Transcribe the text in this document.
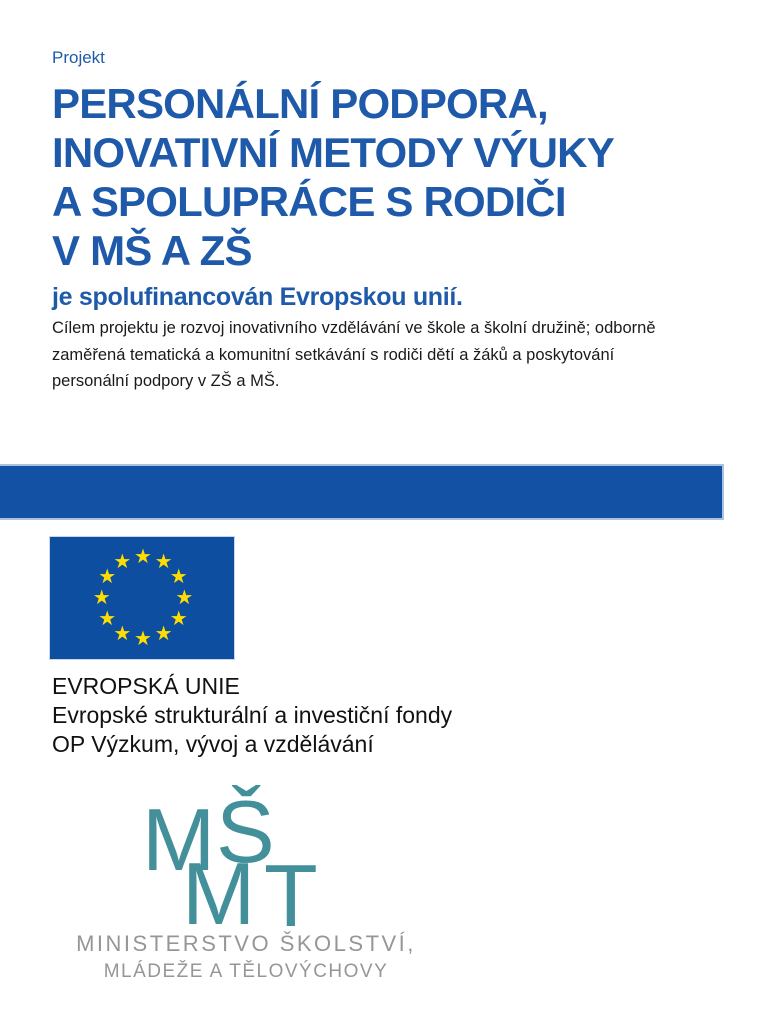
Projekt
PERSONÁLNÍ PODPORA,
INOVATIVNÍ METODY VÝUKY
A SPOLUPRÁCE S RODIČI
V MŠ A ZŠ
je spolufinancován Evropskou unií.
Cílem projektu je rozvoj inovativního vzdělávání ve škole a školní družině; odborně
zaměřená tematická a komunitní setkávání s rodiči dětí a žáků a poskytování
personální podpory v ZŠ a MŠ.
★ ★
★
★
★
★
★
★
★
★
★
★
EVROPSKÁ UNIE
Evropské strukturální a investiční fondy
OP Výzkum, vývoj a vzdělávání
M Š
M T
MINISTERSTVO ŠKOLSTVÍ,
MLÁDEŽE A TĚLOVÝCHOVY
